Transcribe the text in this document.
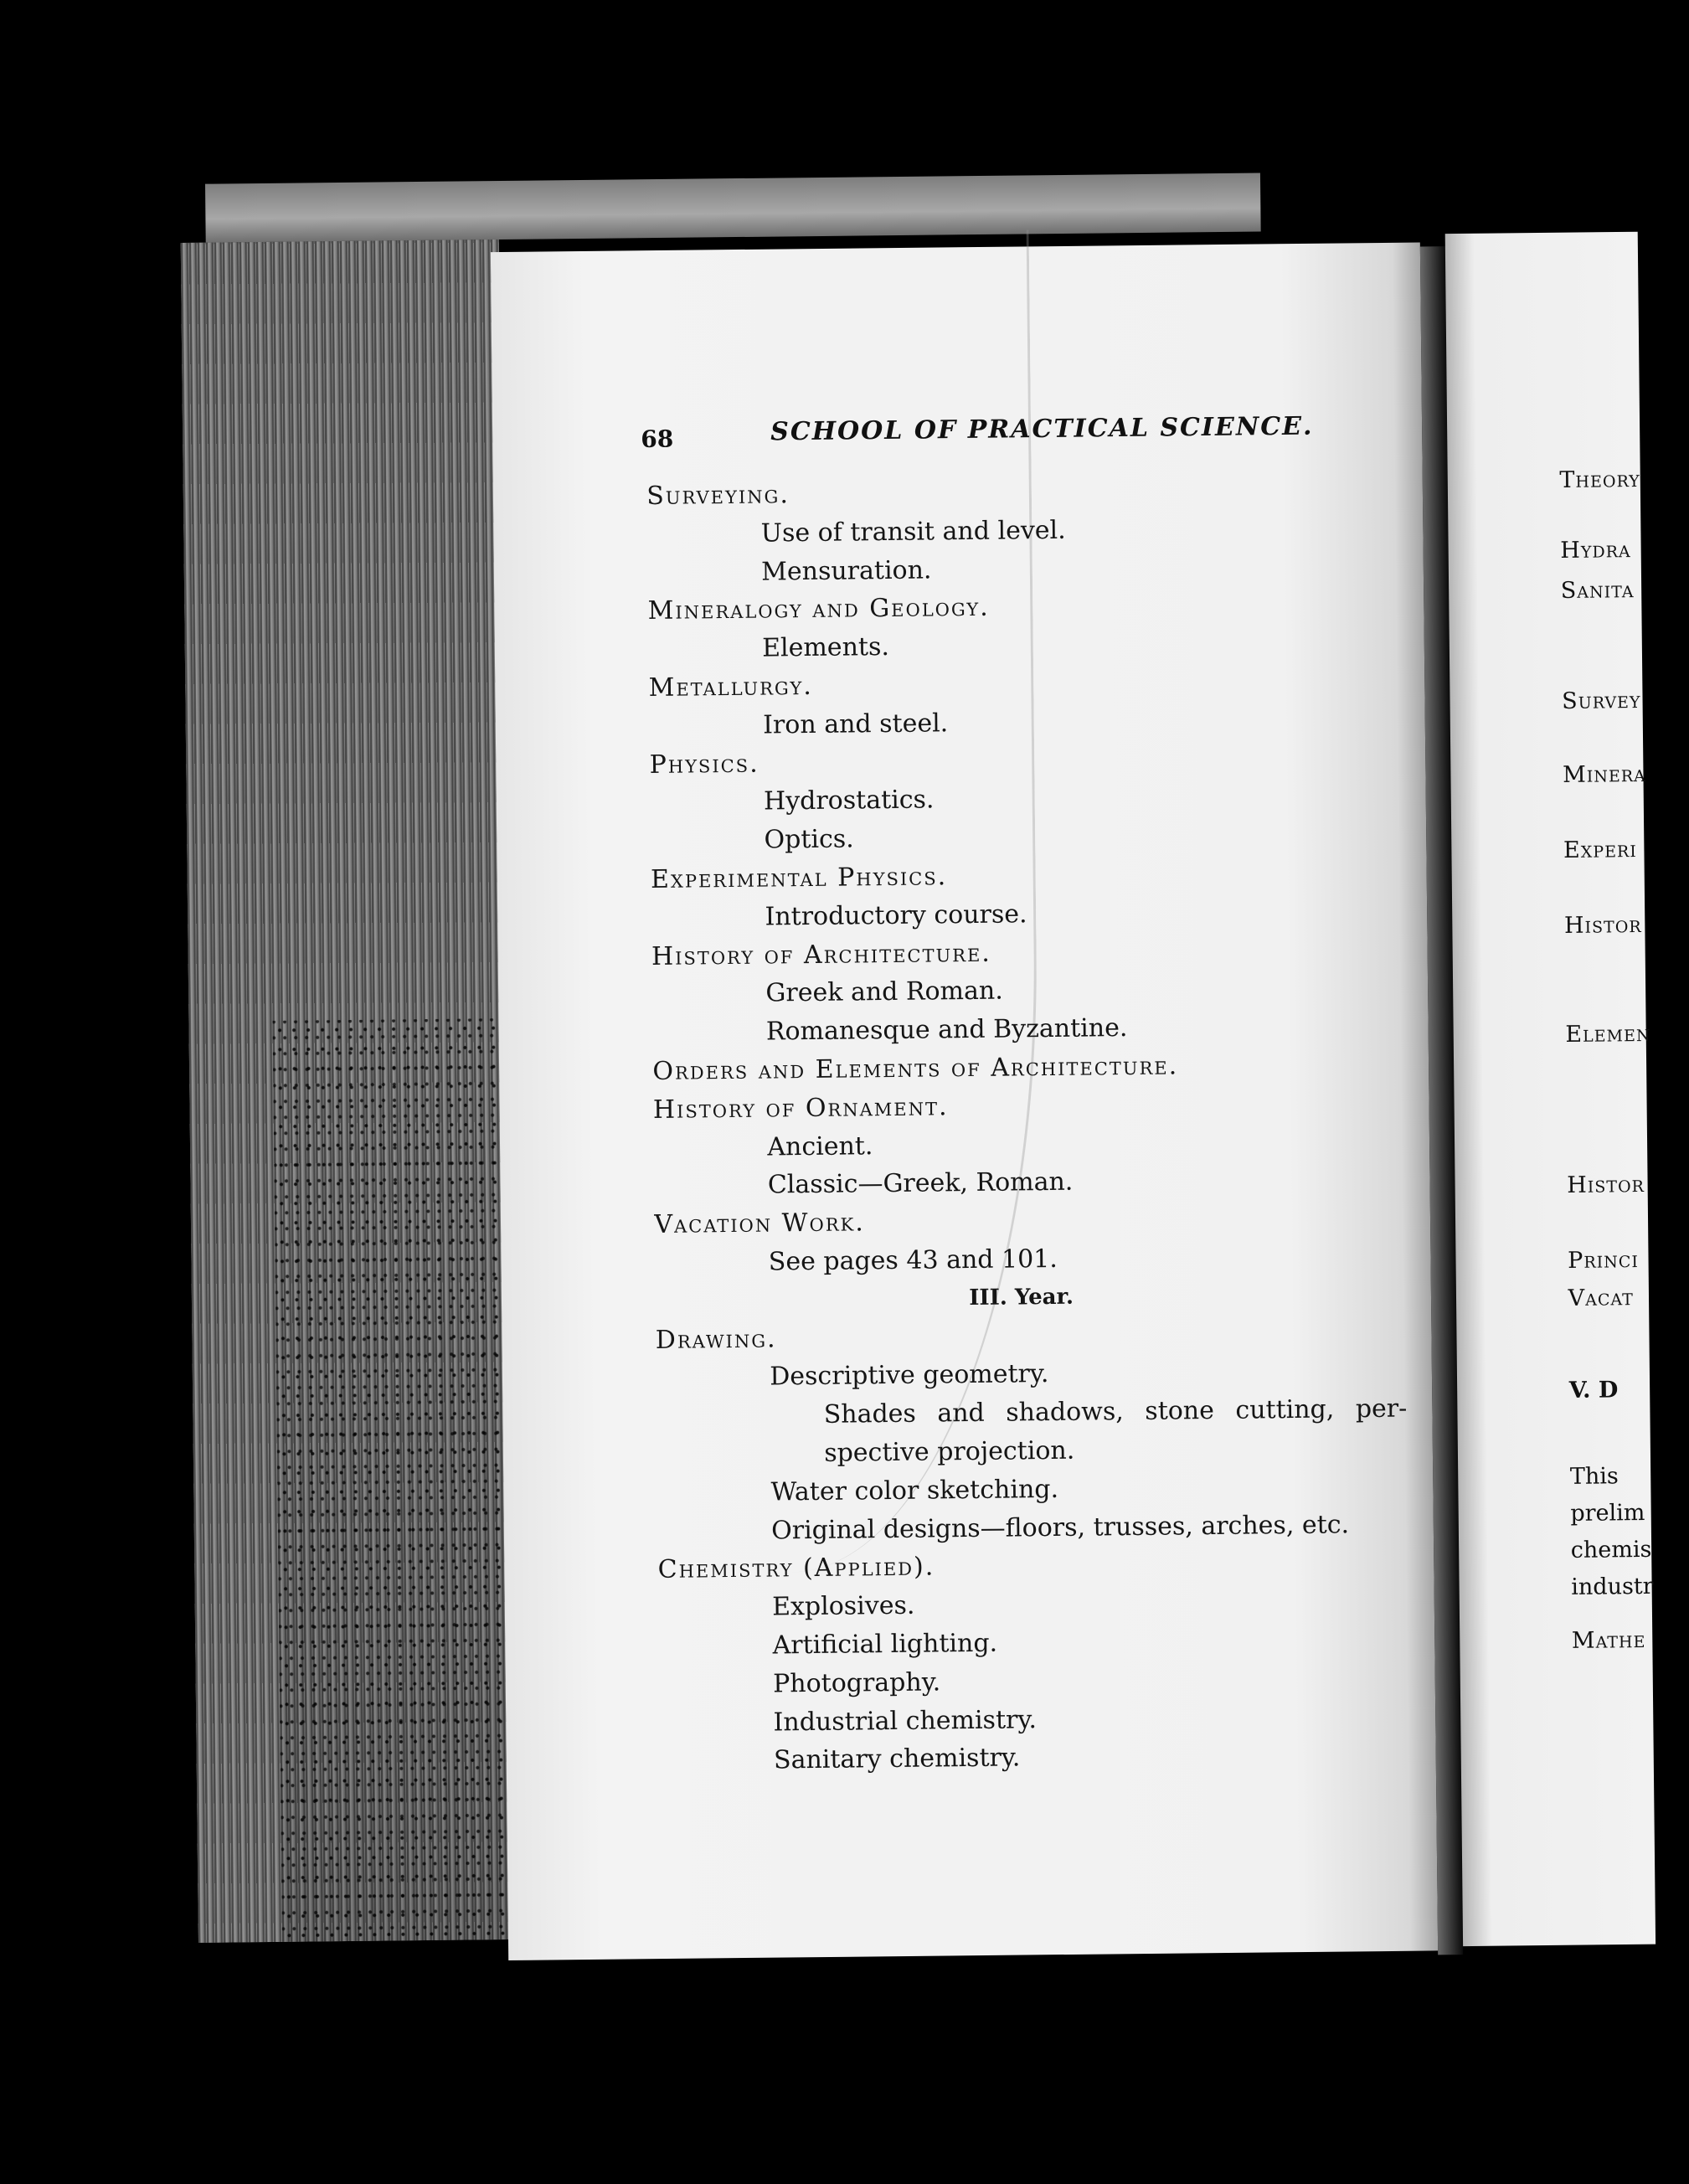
68	SCHOOL OF PRACTICAL SCIENCE.
Surveying.
Use of transit and level.
Mensuration.
Mineralogy and Geology.
Elements.
Metallurgy.
Iron and steel.
Physics.
Hydrostatics.
Optics.
Experimental Physics.
Introductory course.
History of Architecture.
Greek and Roman.
Romanesque and Byzantine.
Orders and Elements of Architecture.
History of Ornament.
Ancient.
Classic—Greek, Roman.
Vacation Work.
See pages 43 and 101.
III. Year.
Drawing.
Descriptive geometry.
Shades and shadows, stone cutting, per-
spective projection.
Water color sketching.
Original designs—floors, trusses, arches, etc.
Chemistry (Applied).
Explosives.
Artificial lighting.
Photography.
Industrial chemistry.
Sanitary chemistry.
Theory
Hydra
Sanita
Survey
Minera
Experi
Histor
Elemen
Histor
Princi
Vacat
V. D
This
prelim
chemis
industr
Mathe
